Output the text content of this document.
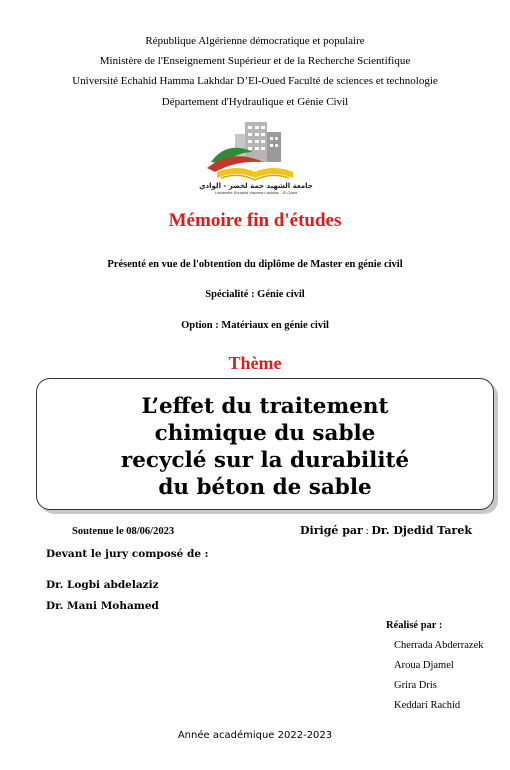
République Algérienne démocratique et populaire
Ministère de l'Enseignement Supérieur et de la Recherche Scientifique
Université Echahid Hamma Lakhdar D’El-Oued Faculté de sciences et technologie
Département d'Hydraulique et Génie Civil
جامعة الشهيد حمة لخضر - الوادي
Université Echahid Hamma Lakhdar - El-Oued
Mémoire fin d'études
Présenté en vue de l'obtention du diplôme de Master en génie civil
Spécialité : Génie civil
Option : Matériaux en génie civil
Thème
L’effet du traitement
chimique du sable
recyclé sur la durabilité
du béton de sable
Soutenue le 08/06/2023	Dirigé par : Dr. Djedid Tarek
Devant le jury composé de :
Dr. Logbi abdelaziz
Dr. Mani Mohamed
Réalisé par :
Cherrada Abderrazek
Aroua Djamel
Grira Dris
Keddari Rachid
Année académique 2022-2023
